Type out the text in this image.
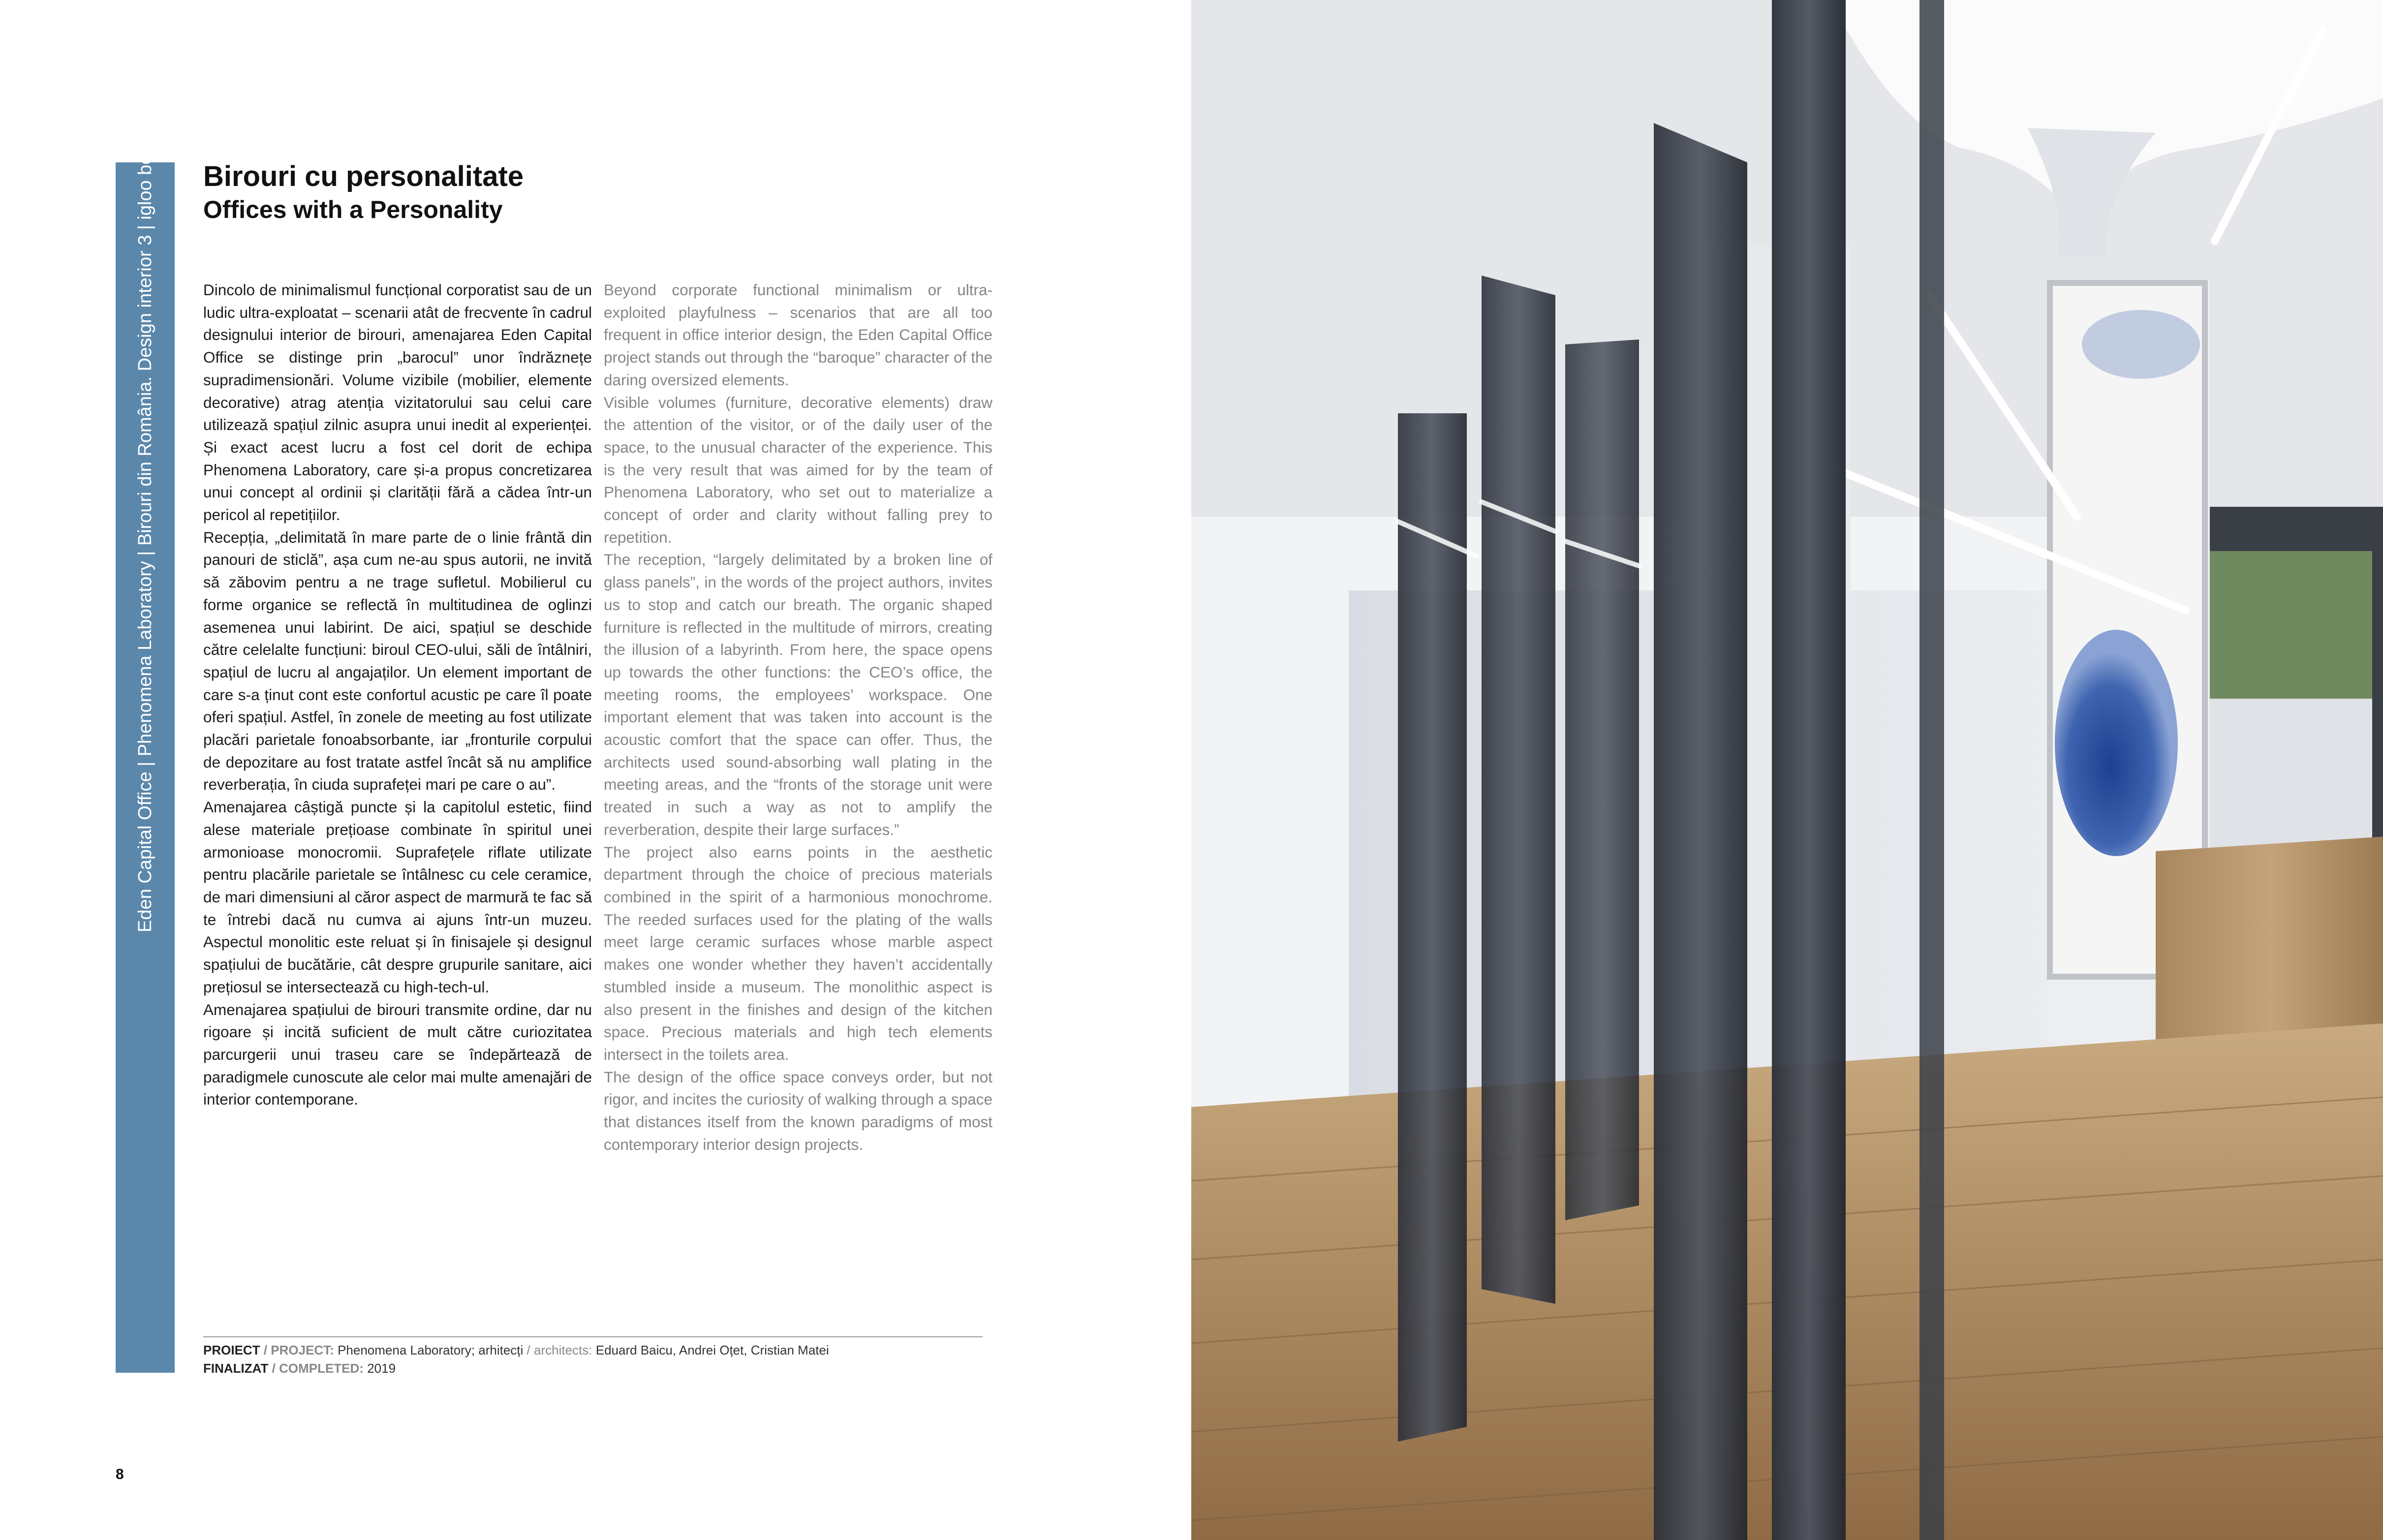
Eden Capital Office | Phenomena Laboratory | Birouri din România. Design interior 3 | igloo best Birouri cu personalitate
Offices with a Personality

Dincolo de minimalismul funcțional corporatist sau de un ludic ultra-exploatat – scenarii atât de frecvente în cadrul designului interior de birouri, amenajarea Eden Capital Office se distinge prin „barocul” unor îndrăznețe supradimensionări. Volume vizibile (mobilier, elemente decorative) atrag atenția vizitatorului sau celui care utilizează spațiul zilnic asupra unui inedit al experienței. Și exact acest lucru a fost cel dorit de echipa Phenomena Laboratory, care și-a propus concretizarea unui concept al ordinii și clarității fără a cădea într-un pericol al repetițiilor.

Recepția, „delimitată în mare parte de o linie frântă din panouri de sticlă”, așa cum ne-au spus autorii, ne invită să zăbovim pentru a ne trage sufletul. Mobilierul cu forme organice se reflectă în multitudinea de oglinzi asemenea unui labirint. De aici, spațiul se deschide către celelalte funcțiuni: biroul CEO-ului, săli de întâlniri, spațiul de lucru al angajaților. Un element important de care s-a ținut cont este confortul acustic pe care îl poate oferi spațiul. Astfel, în zonele de meeting au fost utilizate placări parietale fonoabsorbante, iar „fronturile corpului de depozitare au fost tratate astfel încât să nu amplifice reverberația, în ciuda suprafeței mari pe care o au”.

Amenajarea câștigă puncte și la capitolul estetic, fiind alese materiale prețioase combinate în spiritul unei armonioase monocromii. Suprafețele riflate utilizate pentru placările parietale se întâlnesc cu cele ceramice, de mari dimensiuni al căror aspect de marmură te fac să te întrebi dacă nu cumva ai ajuns într-un muzeu. Aspectul monolitic este reluat și în finisajele și designul spațiului de bucătărie, cât despre grupurile sanitare, aici prețiosul se intersectează cu high-tech-ul.

Amenajarea spațiului de birouri transmite ordine, dar nu rigoare și incită suficient de mult către curiozitatea parcurgerii unui traseu care se îndepărtează de paradigmele cunoscute ale celor mai multe amenajări de interior contemporane.

Beyond corporate functional minimalism or ultra-exploited playfulness – scenarios that are all too frequent in office interior design, the Eden Capital Office project stands out through the “baroque” character of the daring oversized elements.

Visible volumes (furniture, decorative elements) draw the attention of the visitor, or of the daily user of the space, to the unusual character of the experience. This is the very result that was aimed for by the team of Phenomena Laboratory, who set out to materialize a concept of order and clarity without falling prey to repetition.

The reception, “largely delimitated by a broken line of glass panels”, in the words of the project authors, invites us to stop and catch our breath. The organic shaped furniture is reflected in the multitude of mirrors, creating the illusion of a labyrinth. From here, the space opens up towards the other functions: the CEO’s office, the meeting rooms, the employees’ workspace. One important element that was taken into account is the acoustic comfort that the space can offer. Thus, the architects used sound-absorbing wall plating in the meeting areas, and the “fronts of the storage unit were treated in such a way as not to amplify the reverberation, despite their large surfaces.”

The project also earns points in the aesthetic department through the choice of precious materials combined in the spirit of a harmonious monochrome. The reeded surfaces used for the plating of the walls meet large ceramic surfaces whose marble aspect makes one wonder whether they haven’t accidentally stumbled inside a museum. The monolithic aspect is also present in the finishes and design of the kitchen space. Precious materials and high tech elements intersect in the toilets area.

The design of the office space conveys order, but not rigor, and incites the curiosity of walking through a space that distances itself from the known paradigms of most contemporary interior design projects.

PROIECT / PROJECT: Phenomena Laboratory; arhitecți / architects: Eduard Baicu, Andrei Oțet, Cristian Matei
FINALIZAT / COMPLETED: 2019

8
